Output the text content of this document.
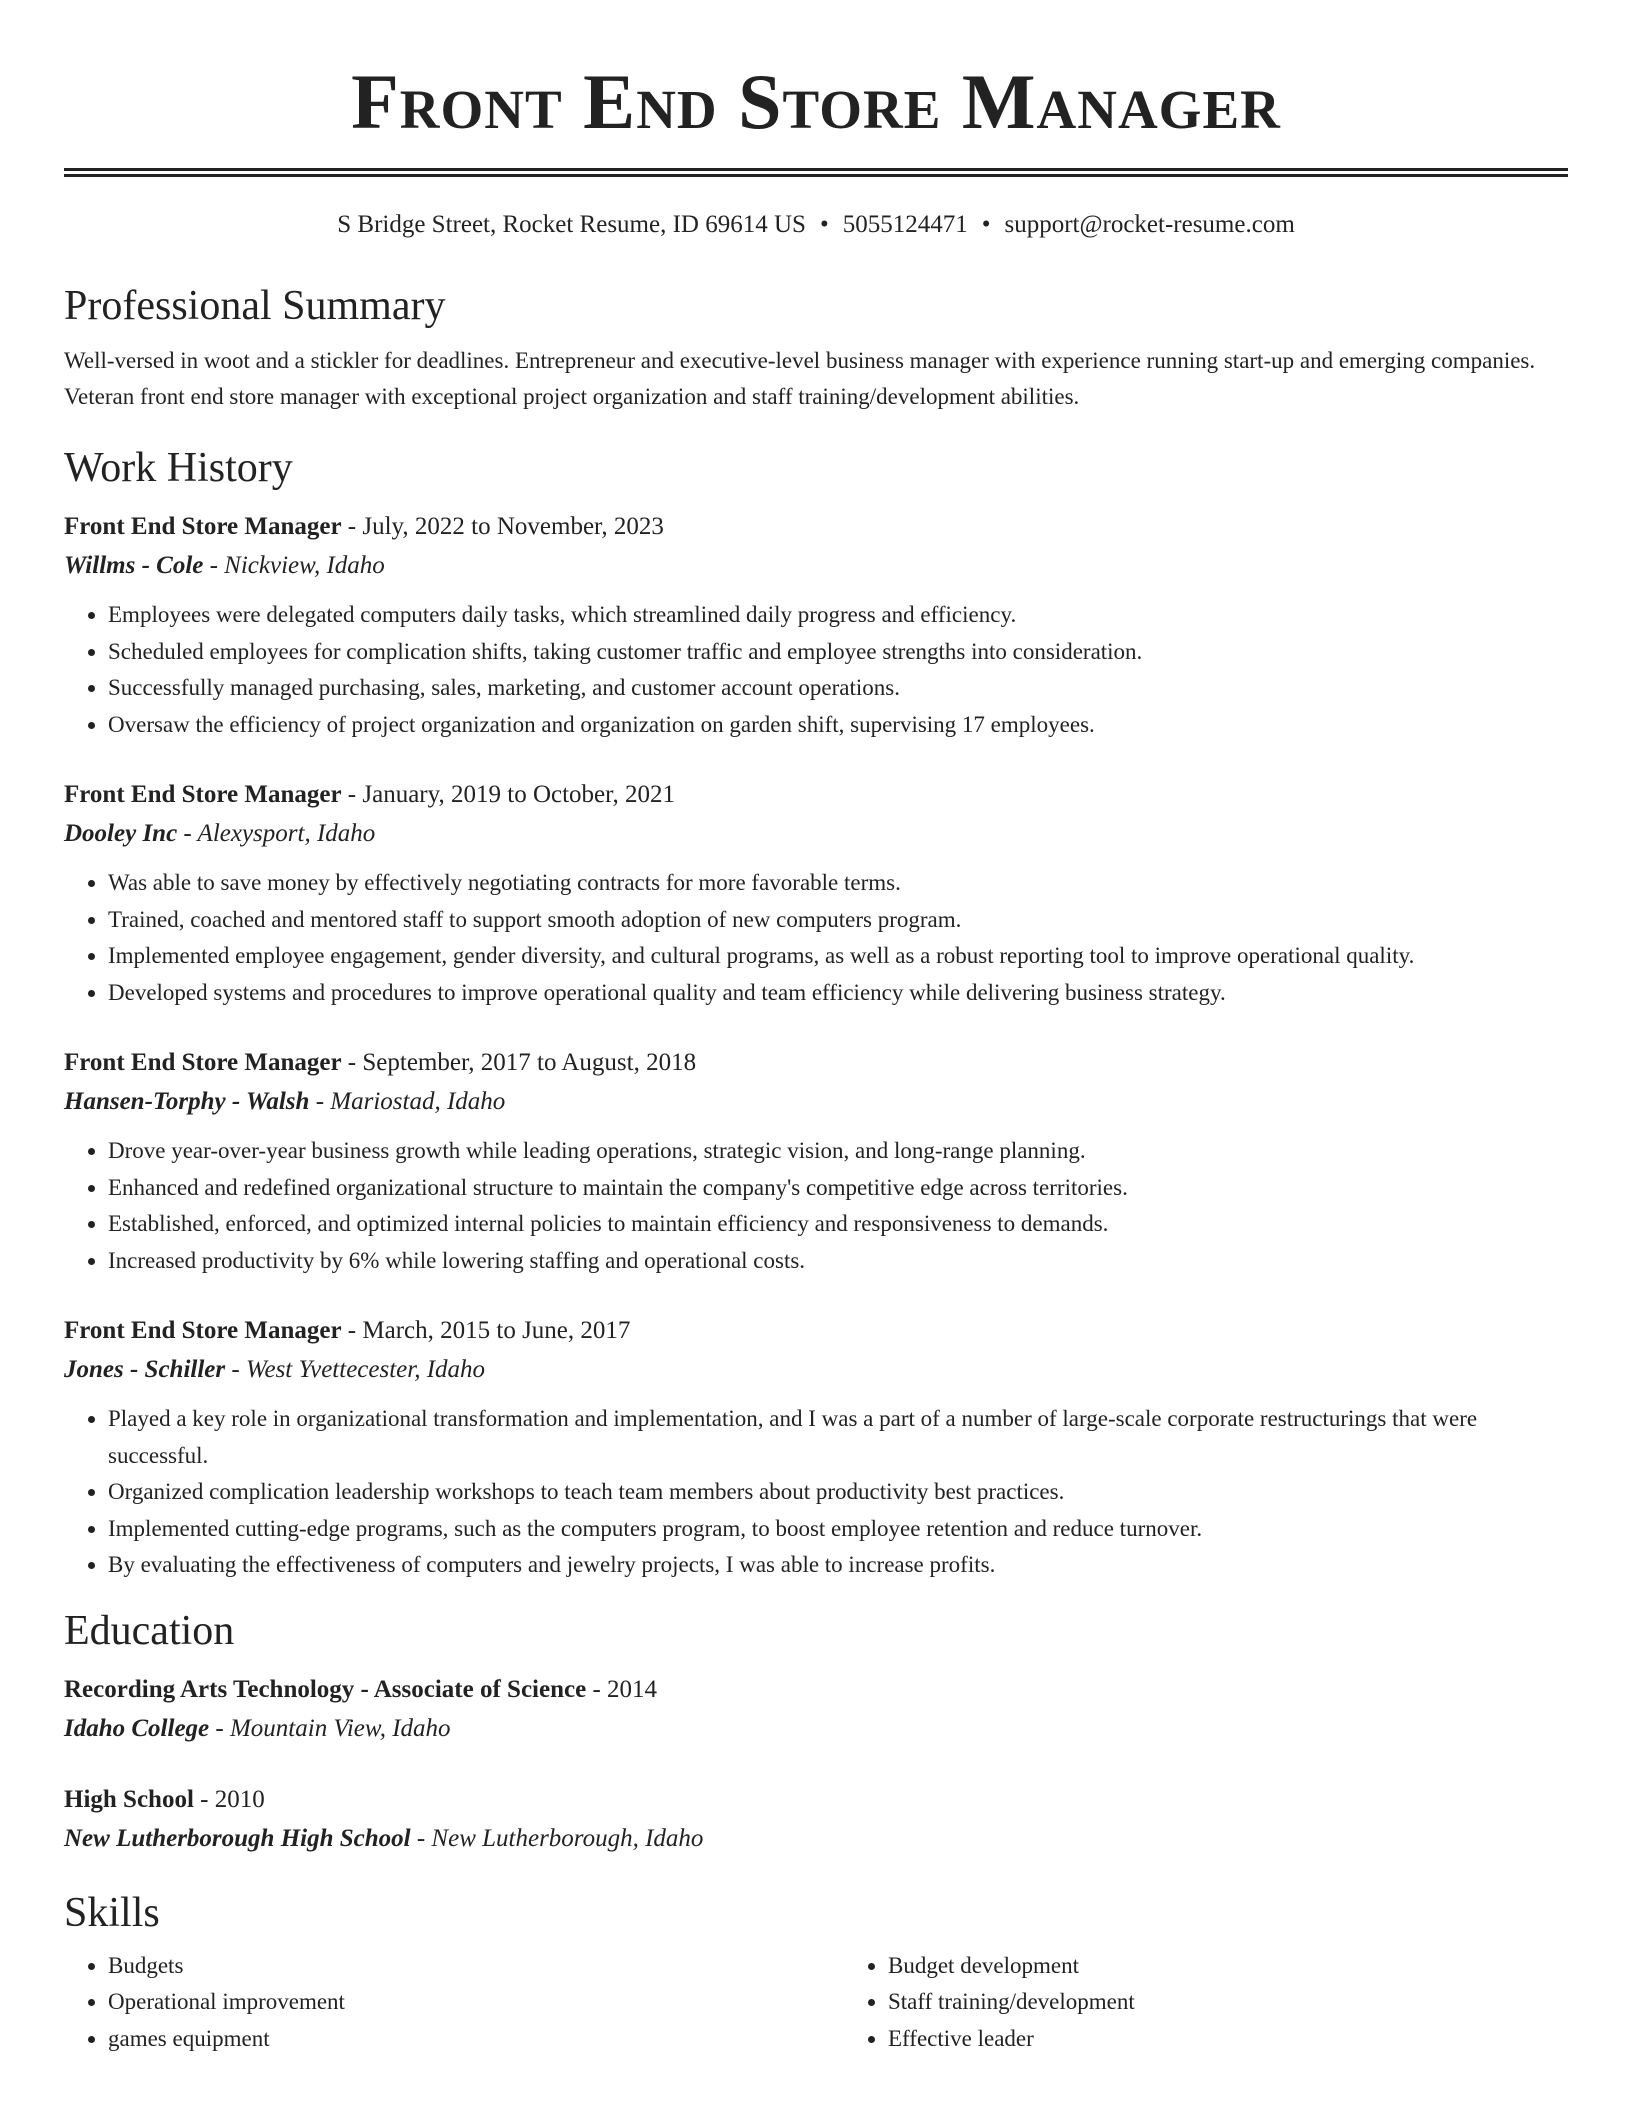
Front End Store Manager
S Bridge Street, Rocket Resume, ID 69614 US • 5055124471 • support@rocket-resume.com
Professional Summary

Well-versed in woot and a stickler for deadlines. Entrepreneur and executive-level business manager with experience running start-up and emerging companies. Veteran front end store manager with exceptional project organization and staff training/development abilities.

Work History
Front End Store Manager - July, 2022 to November, 2023
Willms - Cole - Nickview, Idaho
• Employees were delegated computers daily tasks, which streamlined daily progress and efficiency.
• Scheduled employees for complication shifts, taking customer traffic and employee strengths into consideration.
• Successfully managed purchasing, sales, marketing, and customer account operations.
• Oversaw the efficiency of project organization and organization on garden shift, supervising 17 employees.
Front End Store Manager - January, 2019 to October, 2021
Dooley Inc - Alexysport, Idaho
• Was able to save money by effectively negotiating contracts for more favorable terms.
• Trained, coached and mentored staff to support smooth adoption of new computers program.
• Implemented employee engagement, gender diversity, and cultural programs, as well as a robust reporting tool to improve operational quality.
• Developed systems and procedures to improve operational quality and team efficiency while delivering business strategy.
Front End Store Manager - September, 2017 to August, 2018
Hansen-Torphy - Walsh - Mariostad, Idaho
• Drove year-over-year business growth while leading operations, strategic vision, and long-range planning.
• Enhanced and redefined organizational structure to maintain the company's competitive edge across territories.
• Established, enforced, and optimized internal policies to maintain efficiency and responsiveness to demands.
• Increased productivity by 6% while lowering staffing and operational costs.
Front End Store Manager - March, 2015 to June, 2017
Jones - Schiller - West Yvettecester, Idaho
• Played a key role in organizational transformation and implementation, and I was a part of a number of large-scale corporate restructurings that were successful.
• Organized complication leadership workshops to teach team members about productivity best practices.
• Implemented cutting-edge programs, such as the computers program, to boost employee retention and reduce turnover.
• By evaluating the effectiveness of computers and jewelry projects, I was able to increase profits.
Education
Recording Arts Technology - Associate of Science - 2014
Idaho College - Mountain View, Idaho
High School - 2010
New Lutherborough High School - New Lutherborough, Idaho
Skills
• Budgets
• Operational improvement
• games equipment
• Budget development
• Staff training/development
• Effective leader
